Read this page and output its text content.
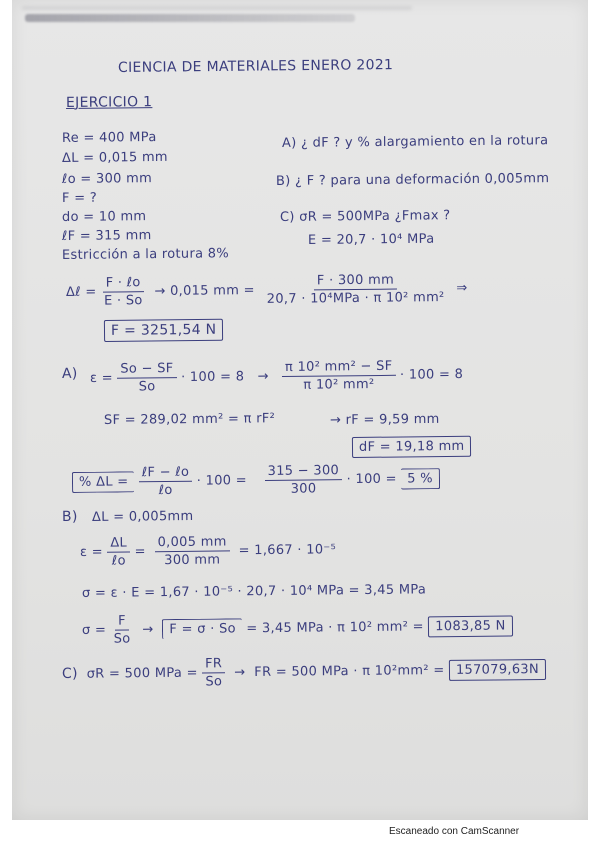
CIENCIA DE MATERIALES ENERO 2021
EJERCICIO 1
Re = 400 MPa
ΔL = 0,015 mm
ℓo = 300 mm
F = ?
do = 10 mm
ℓF = 315 mm
Estricción a la rotura 8%
A) ¿ dF ? y % alargamiento en la rotura
B) ¿ F ? para una deformación 0,005mm
C) σR = 500MPa ¿Fmax ?
E = 20,7 · 10⁴ MPa
Δℓ = $\frac{\text{F · ℓo}}{E \cdot So} \to 0,015$ mm = $\frac{F \cdot 300 mm}{\text{20,7 · 10⁴MPa · π 10² mm²}}$ ⇒
F = 3251,54 N
A) $\varepsilon = \frac{So - SF}{So} \cdot 100 = 8 \to \frac{\text{π 10² mm² − SF}}{\text{π 10² mm²}} \cdot 100 = 8$
SF = 289,02 mm² = π rF²	→ rF = 9,59 mm
dF = 19,18 mm
% $\Delta L = \frac{\text{ℓF − ℓo}}{\text{ℓo}} \cdot 100 = \frac{315 - 300}{300} \cdot 100 = 5$ %
B) ΔL = 0,005mm
$\varepsilon = \frac{\Delta L}{\text{ℓo}} = \frac{0,005 mm}{300 mm} = 1,667 \cdot 10^{-5}$
σ = ε · E = 1,67 · 10⁻⁵ · 20,7 · 10⁴ MPa = 3,45 MPa
$\sigma = \frac{F}{So} \to F = \sigma \cdot So = 3,45$ MPa · π 10² mm² = 1083,85 N
C) σR = 500 MPa = $\frac{FR}{So}$ → FR = 500 MPa · π 10²mm² = 157079,63N
Escaneado con CamScanner
